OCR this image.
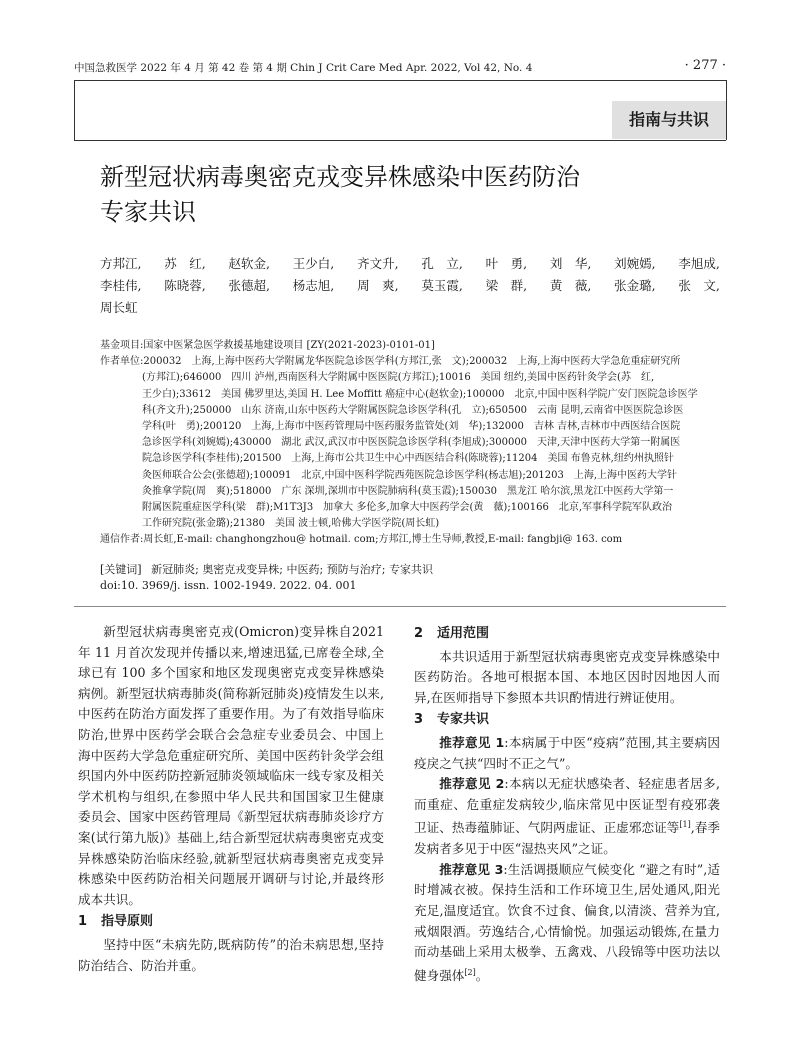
中国急救医学 2022 年 4 月 第 42 卷 第 4 期 Chin J Crit Care Med Apr. 2022, Vol 42, No. 4	· 277 ·
指南与共识
新型冠状病毒奥密克戎变异株感染中医药防治
专家共识
方邦江, 苏　红, 赵软金, 王少白, 齐文升, 孔　立, 叶　勇, 刘　华, 刘婉嫣, 李旭成,
李桂伟, 陈晓蓉, 张德超, 杨志旭, 周　爽, 莫玉霞, 梁　群, 黄　薇, 张金璐, 张　文,
周长虹

基金项目:国家中医紧急医学救援基地建设项目 [ZY(2021-2023)-0101-01]

作者单位:200032　上海,上海中医药大学附属龙华医院急诊医学科(方邦江,张　文);200032　上海,上海中医药大学急危重症研究所

(方邦江);646000　四川 泸州,西南医科大学附属中医医院(方邦江);10016　美国 纽约,美国中医药针灸学会(苏　红,

王少白);33612　美国 佛罗里达,美国 H. Lee Moffitt 癌症中心(赵软金);100000　北京,中国中医科学院广安门医院急诊医学

科(齐文升);250000　山东 济南,山东中医药大学附属医院急诊医学科(孔　立);650500　云南 昆明,云南省中医医院急诊医

学科(叶　勇);200120　上海,上海市中医药管理局中医药服务监管处(刘　华);132000　吉林 吉林,吉林市中西医结合医院

急诊医学科(刘婉嫣);430000　湖北 武汉,武汉市中医医院急诊医学科(李旭成);300000　天津,天津中医药大学第一附属医

院急诊医学科(李桂伟);201500　上海,上海市公共卫生中心中西医结合科(陈晓蓉);11204　美国 布鲁克林,纽约州执照针

灸医师联合公会(张德超);100091　北京,中国中医科学院西苑医院急诊医学科(杨志旭);201203　上海,上海中医药大学针

灸推拿学院(周　爽);518000　广东 深圳,深圳市中医院肺病科(莫玉霞);150030　黑龙江 哈尔滨,黑龙江中医药大学第一

附属医院重症医学科(梁　群);M1T3J3　加拿大 多伦多,加拿大中医药学会(黄　薇);100166　北京,军事科学院军队政治

工作研究院(张金璐);21380　美国 波士顿,哈佛大学医学院(周长虹)

通信作者:周长虹,E-mail: changhongzhou@ hotmail. com;方邦江,博士生导师,教授,E-mail: fangbji@ 163. com

[关键词] 新冠肺炎; 奥密克戎变异株; 中医药; 预防与治疗; 专家共识
doi:10. 3969/j. issn. 1002-1949. 2022. 04. 001

新型冠状病毒奥密克戎(Omicron)变异株自2021 年 11 月首次发现并传播以来,增速迅猛,已席卷全球,全球已有 100 多个国家和地区发现奥密克戎变异株感染病例。新型冠状病毒肺炎(简称新冠肺炎)疫情发生以来,中医药在防治方面发挥了重要作用。为了有效指导临床防治,世界中医药学会联合会急症专业委员会、中国上海中医药大学急危重症研究所、美国中医药针灸学会组织国内外中医药防控新冠肺炎领域临床一线专家及相关学术机构与组织,在参照中华人民共和国国家卫生健康委员会、国家中医药管理局《新型冠状病毒肺炎诊疗方案(试行第九版)》基础上,结合新型冠状病毒奥密克戎变异株感染防治临床经验,就新型冠状病毒奥密克戎变异株感染中医药防治相关问题展开调研与讨论,并最终形成本共识。

1 指导原则

坚持中医“未病先防,既病防传”的治未病思想,坚持防治结合、防治并重。

2 适用范围

本共识适用于新型冠状病毒奥密克戎变异株感染中医药防治。各地可根据本国、本地区因时因地因人而异,在医师指导下参照本共识酌情进行辨证使用。

3 专家共识

推荐意见 1:本病属于中医“疫病”范围,其主要病因疫戾之气挟“四时不正之气”。

推荐意见 2:本病以无症状感染者、轻症患者居多,而重症、危重症发病较少,临床常见中医证型有疫邪袭卫证、热毒蕴肺证、气阴两虚证、正虚邪恋证等[1],春季发病者多见于中医“湿热夹风”之证。

推荐意见 3:生活调摄顺应气候变化 “避之有时”,适时增减衣被。保持生活和工作环境卫生,居处通风,阳光充足,温度适宜。饮食不过食、偏食,以清淡、营养为宜,戒烟限酒。劳逸结合,心情愉悦。加强运动锻炼,在量力而动基础上采用太极拳、五禽戏、八段锦等中医功法以健身强体[2]。
